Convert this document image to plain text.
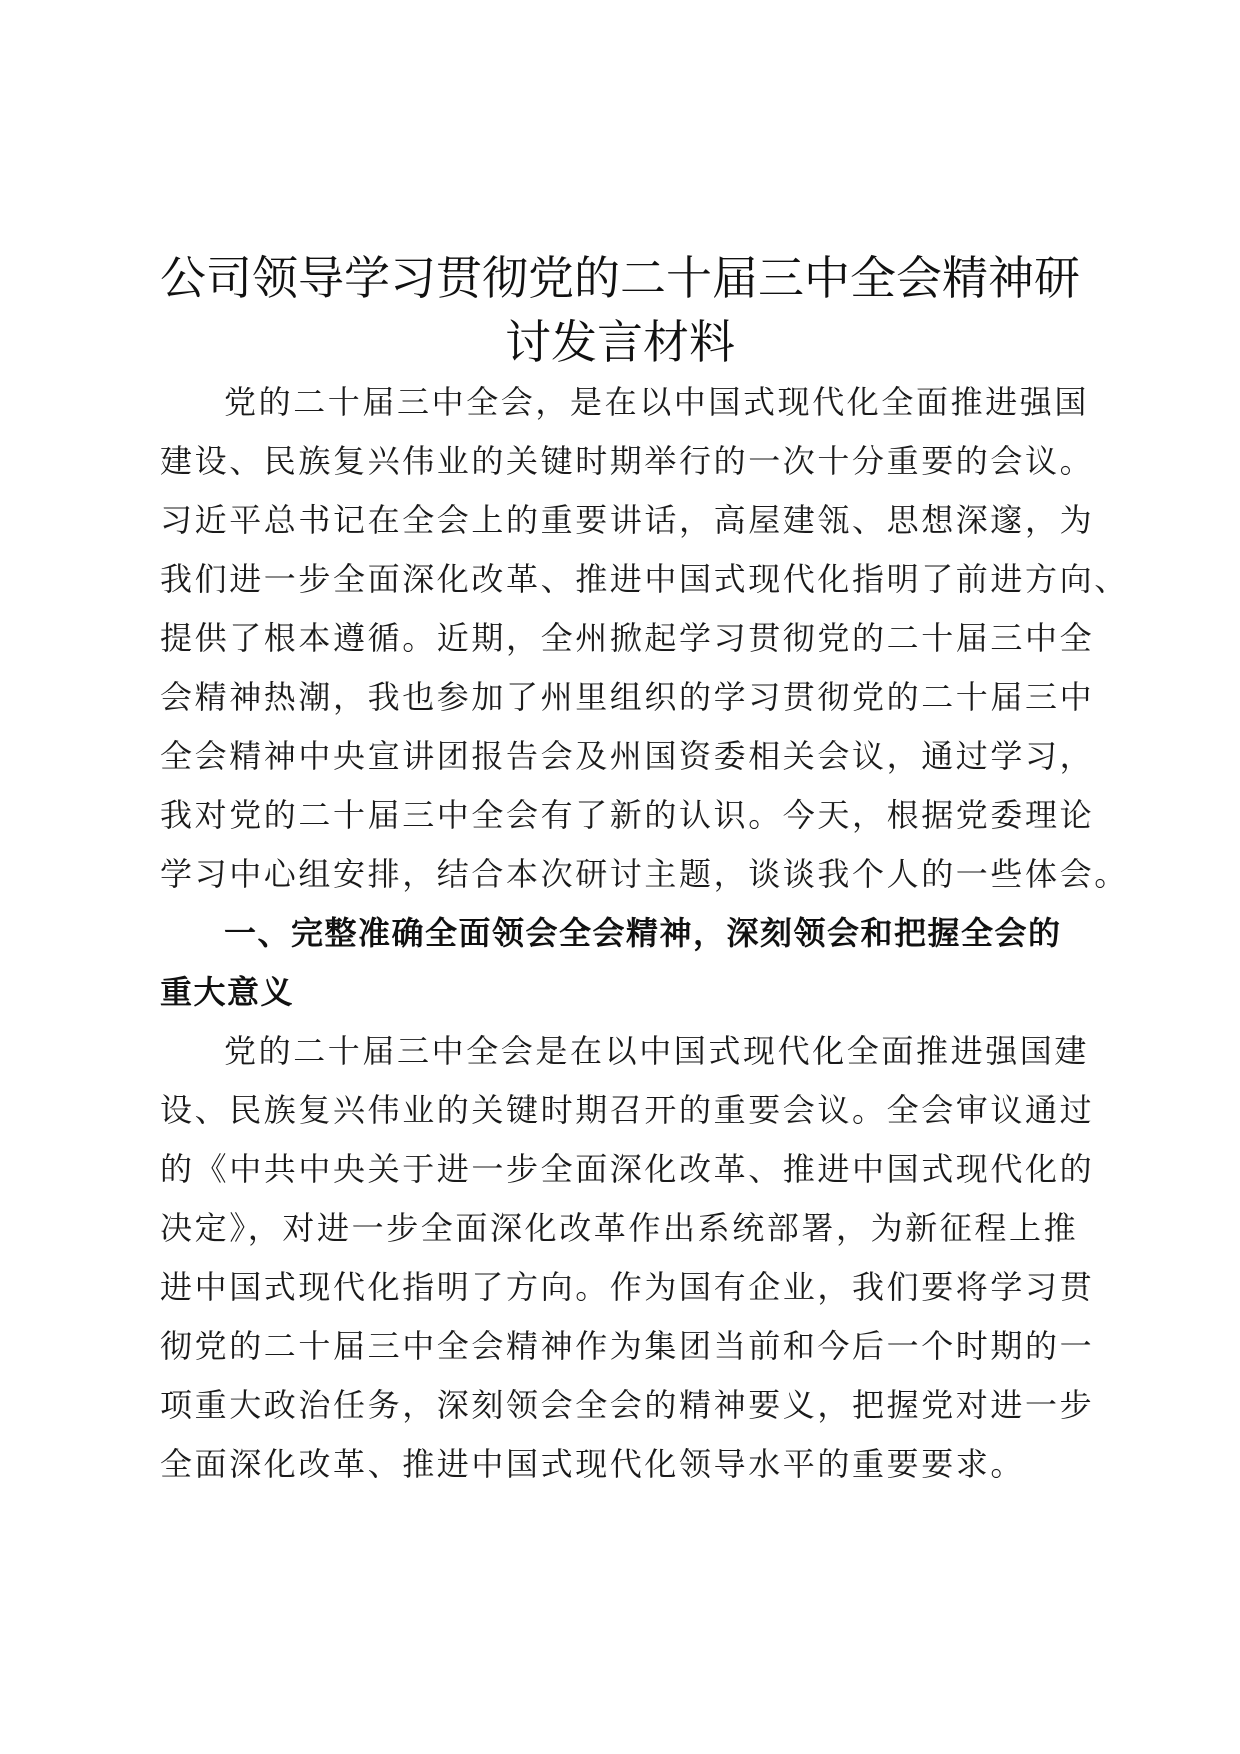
公司领导学习贯彻党的二十届三中全会精神研
讨发言材料
党的二十届三中全会，是在以中国式现代化全面推进强国
建设、民族复兴伟业的关键时期举行的一次十分重要的会议。
习近平总书记在全会上的重要讲话，高屋建瓴、思想深邃，为
我们进一步全面深化改革、推进中国式现代化指明了前进方向、
提供了根本遵循。近期，全州掀起学习贯彻党的二十届三中全
会精神热潮，我也参加了州里组织的学习贯彻党的二十届三中
全会精神中央宣讲团报告会及州国资委相关会议，通过学习，
我对党的二十届三中全会有了新的认识。今天，根据党委理论
学习中心组安排，结合本次研讨主题，谈谈我个人的一些体会。
一、完整准确全面领会全会精神，深刻领会和把握全会的
重大意义
党的二十届三中全会是在以中国式现代化全面推进强国建
设、民族复兴伟业的关键时期召开的重要会议。全会审议通过
的《中共中央关于进一步全面深化改革、推进中国式现代化的
决定》，对进一步全面深化改革作出系统部署，为新征程上推
进中国式现代化指明了方向。作为国有企业，我们要将学习贯
彻党的二十届三中全会精神作为集团当前和今后一个时期的一
项重大政治任务，深刻领会全会的精神要义，把握党对进一步
全面深化改革、推进中国式现代化领导水平的重要要求。
